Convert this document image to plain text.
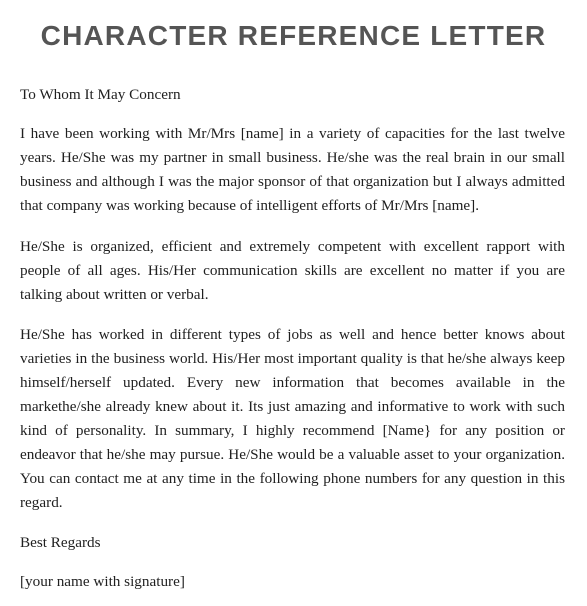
CHARACTER REFERENCE LETTER

To Whom It May Concern

I have been working with Mr/Mrs [name] in a variety of capacities for the last twelve years. He/She was my partner in small business. He/she was the real brain in our small business and although I was the major sponsor of that organization but I always admitted that company was working because of intelligent efforts of Mr/Mrs [name].

He/She is organized, efficient and extremely competent with excellent rapport with people of all ages. His/Her communication skills are excellent no matter if you are talking about written or verbal.

He/She has worked in different types of jobs as well and hence better knows about varieties in the business world. His/Her most important quality is that he/she always keep himself/herself updated. Every new information that becomes available in the markethe/she already knew about it. Its just amazing and informative to work with such kind of personality. In summary, I highly recommend [Name} for any position or endeavor that he/she may pursue. He/She would be a valuable asset to your organization. You can contact me at any time in the following phone numbers for any question in this regard.

Best Regards

[your name with signature]
